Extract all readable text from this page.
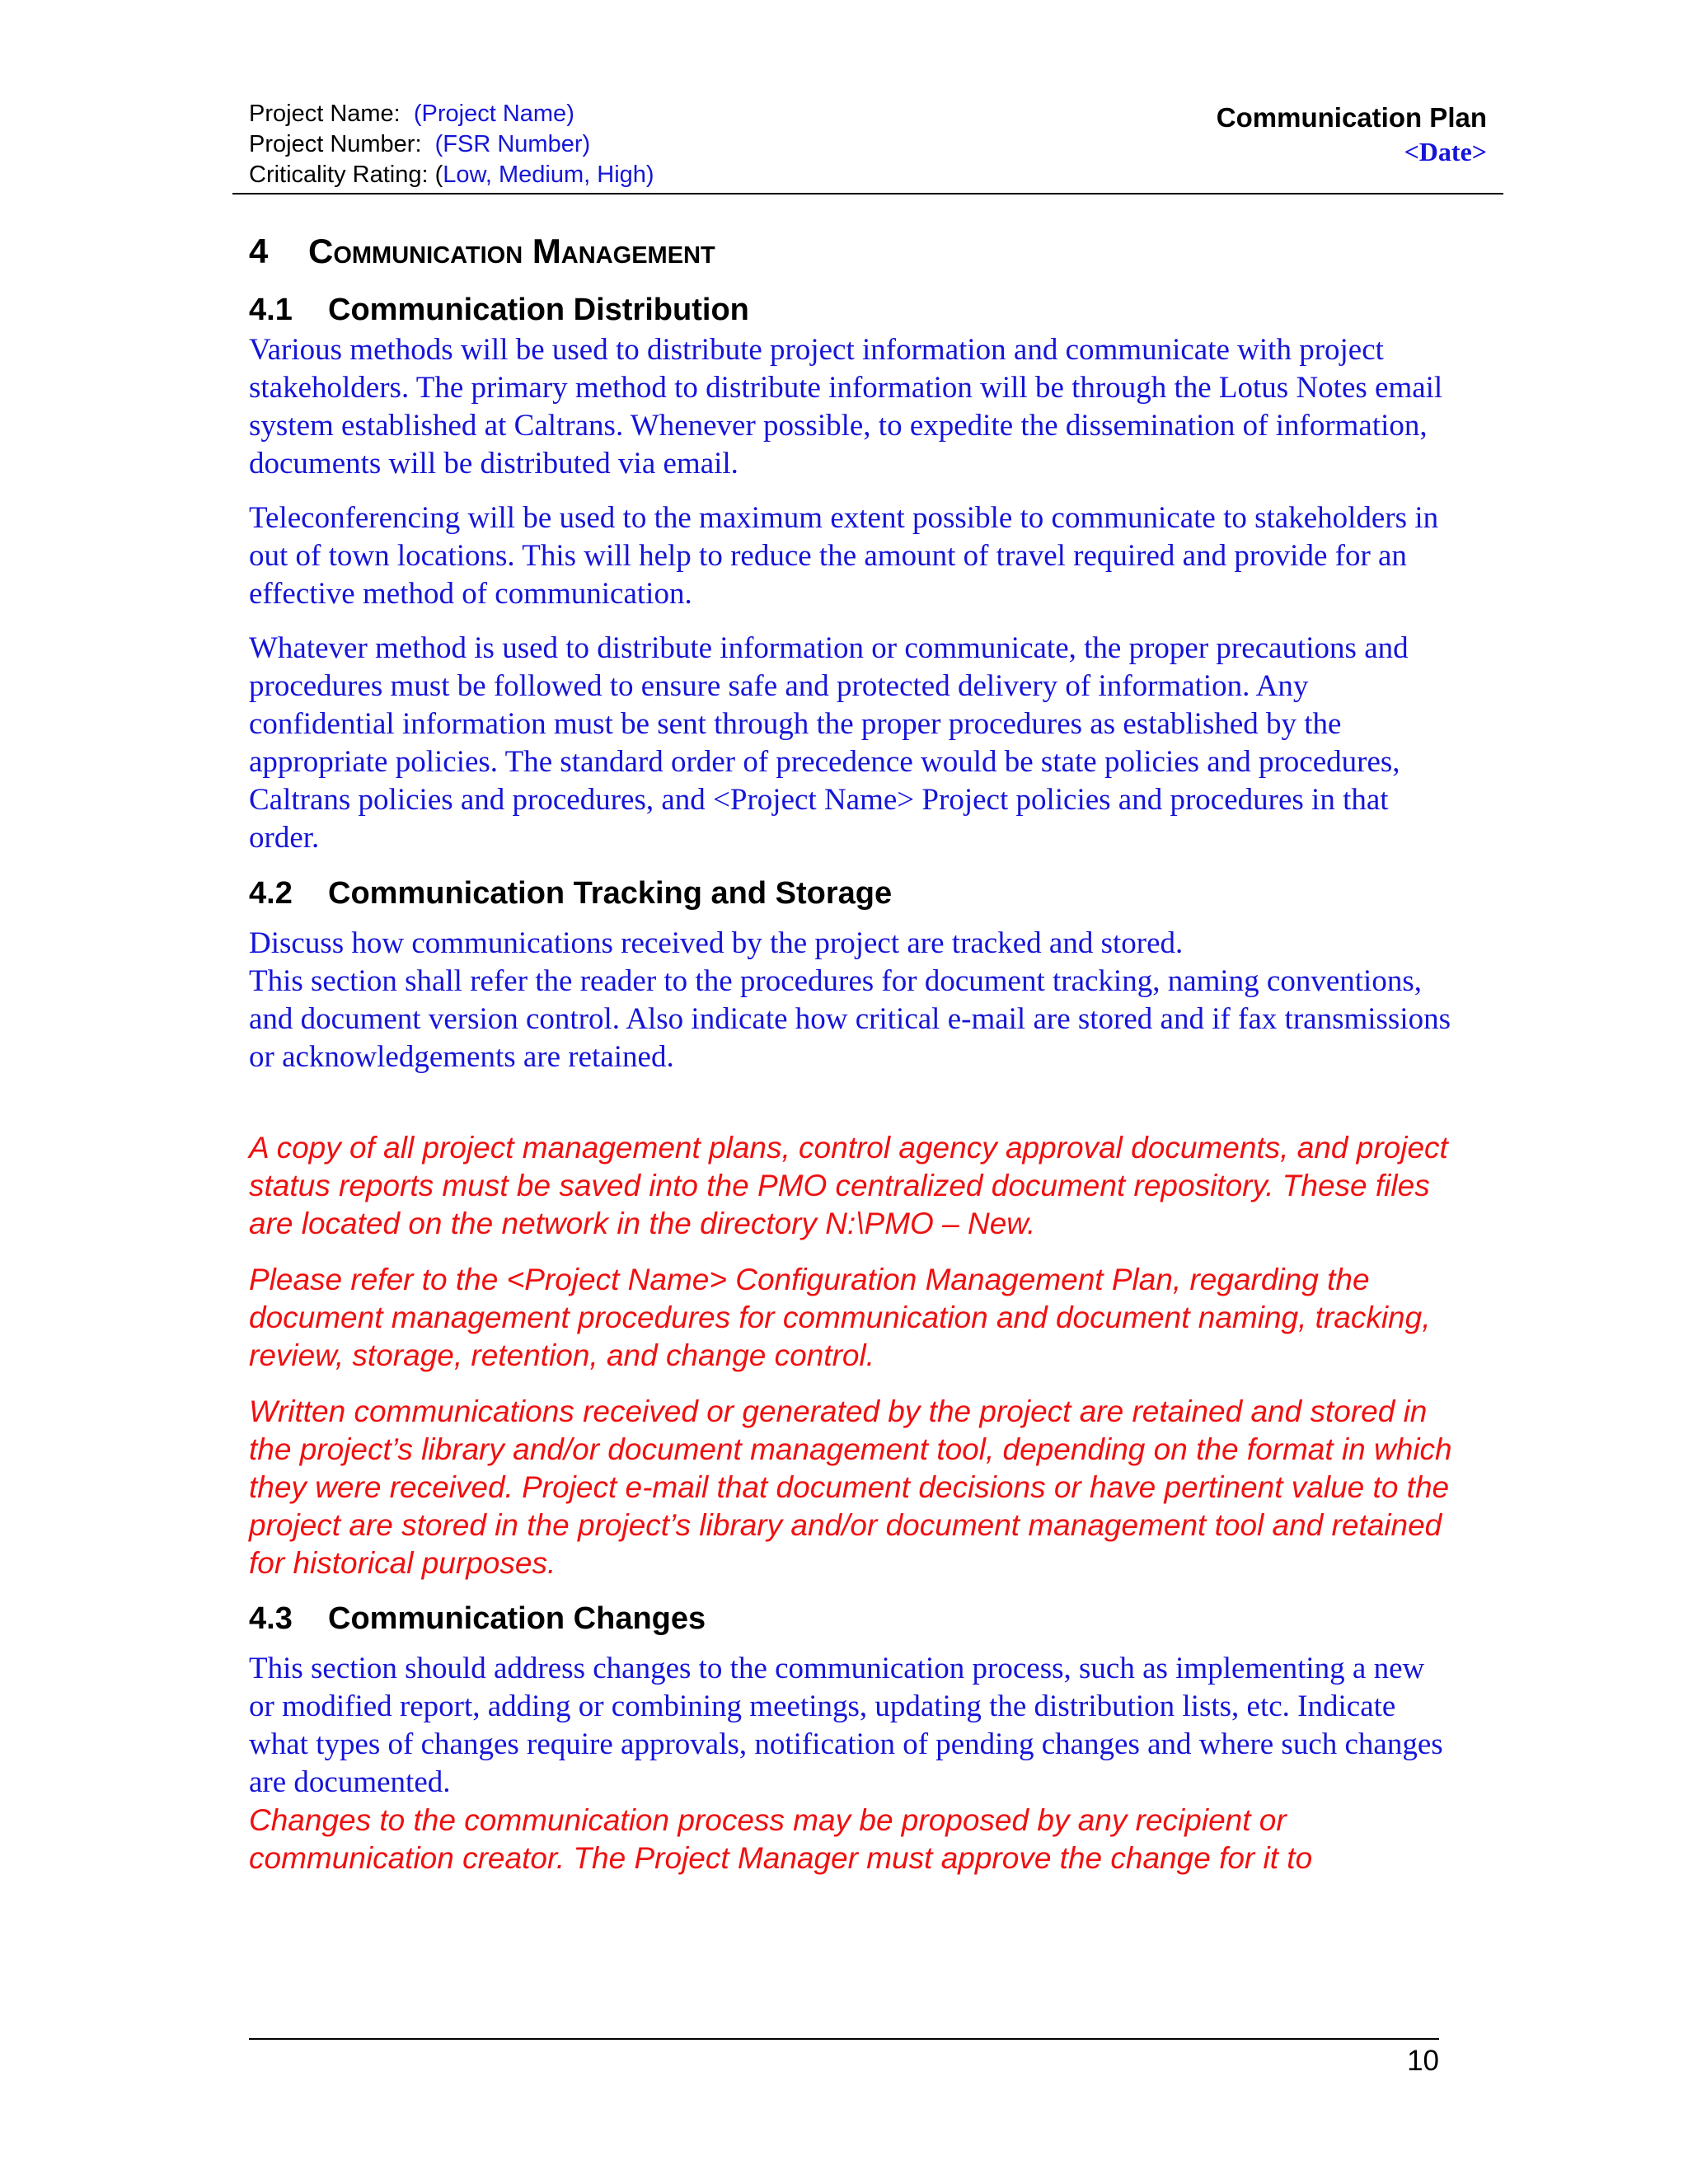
Project Name: (Project Name)
Project Number: (FSR Number)
Criticality Rating: (Low, Medium, High)
Communication Plan
<Date>
4 Communication Management
4.1 Communication Distribution

Various methods will be used to distribute project information and communicate with project stakeholders. The primary method to distribute information will be through the Lotus Notes email system established at Caltrans. Whenever possible, to expedite the dissemination of information, documents will be distributed via email.

Teleconferencing will be used to the maximum extent possible to communicate to stakeholders in out of town locations. This will help to reduce the amount of travel required and provide for an effective method of communication.

Whatever method is used to distribute information or communicate, the proper precautions and procedures must be followed to ensure safe and protected delivery of information. Any confidential information must be sent through the proper procedures as established by the appropriate policies. The standard order of precedence would be state policies and procedures, Caltrans policies and procedures, and <Project Name> Project policies and procedures in that order.

4.2 Communication Tracking and Storage

Discuss how communications received by the project are tracked and stored.

This section shall refer the reader to the procedures for document tracking, naming conventions, and document version control. Also indicate how critical e-mail are stored and if fax transmissions or acknowledgements are retained.

A copy of all project management plans, control agency approval documents, and project status reports must be saved into the PMO centralized document repository. These files are located on the network in the directory N:\PMO – New.

Please refer to the <Project Name> Configuration Management Plan, regarding the document management procedures for communication and document naming, tracking, review, storage, retention, and change control.

Written communications received or generated by the project are retained and stored in the project’s library and/or document management tool, depending on the format in which they were received. Project e-mail that document decisions or have pertinent value to the project are stored in the project’s library and/or document management tool and retained for historical purposes.

4.3 Communication Changes

This section should address changes to the communication process, such as implementing a new or modified report, adding or combining meetings, updating the distribution lists, etc. Indicate what types of changes require approvals, notification of pending changes and where such changes are documented.

Changes to the communication process may be proposed by any recipient or communication creator. The Project Manager must approve the change for it to

10
